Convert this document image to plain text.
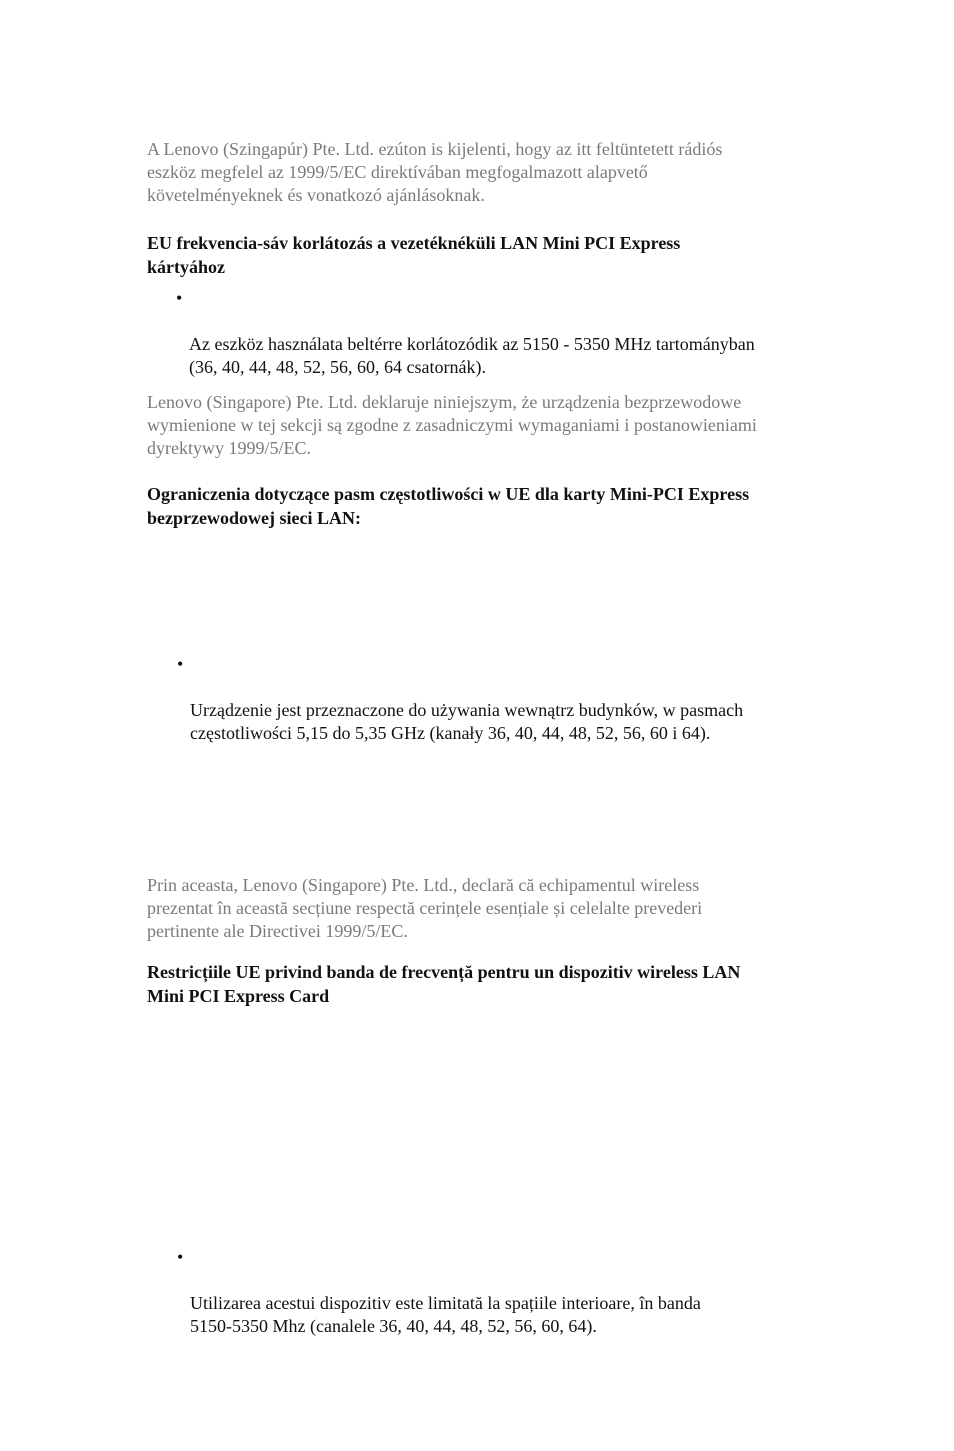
A Lenovo (Szingapúr) Pte. Ltd. ezúton is kijelenti, hogy az itt feltüntetett rádiós
eszköz megfelel az 1999/5/EC direktívában megfogalmazott alapvető
követelményeknek és vonatkozó ajánlásoknak.

EU frekvencia-sáv korlátozás a vezetéknéküli LAN Mini PCI Express
kártyához

•

Az eszköz használata beltérre korlátozódik az 5150 - 5350 MHz tartományban
(36, 40, 44, 48, 52, 56, 60, 64 csatornák).

Lenovo (Singapore) Pte. Ltd. deklaruje niniejszym, że urządzenia bezprzewodowe
wymienione w tej sekcji są zgodne z zasadniczymi wymaganiami i postanowieniami
dyrektywy 1999/5/EC.

Ograniczenia dotyczące pasm częstotliwości w UE dla karty Mini-PCI Express
bezprzewodowej sieci LAN:

•

Urządzenie jest przeznaczone do używania wewnątrz budynków, w pasmach
częstotliwości 5,15 do 5,35 GHz (kanały 36, 40, 44, 48, 52, 56, 60 i 64).

Prin aceasta, Lenovo (Singapore) Pte. Ltd., declară că echipamentul wireless
prezentat în această secțiune respectă cerințele esențiale și celelalte prevederi
pertinente ale Directivei 1999/5/EC.

Restricțiile UE privind banda de frecvență pentru un dispozitiv wireless LAN
Mini PCI Express Card

•

Utilizarea acestui dispozitiv este limitată la spațiile interioare, în banda
5150-5350 Mhz (canalele 36, 40, 44, 48, 52, 56, 60, 64).
